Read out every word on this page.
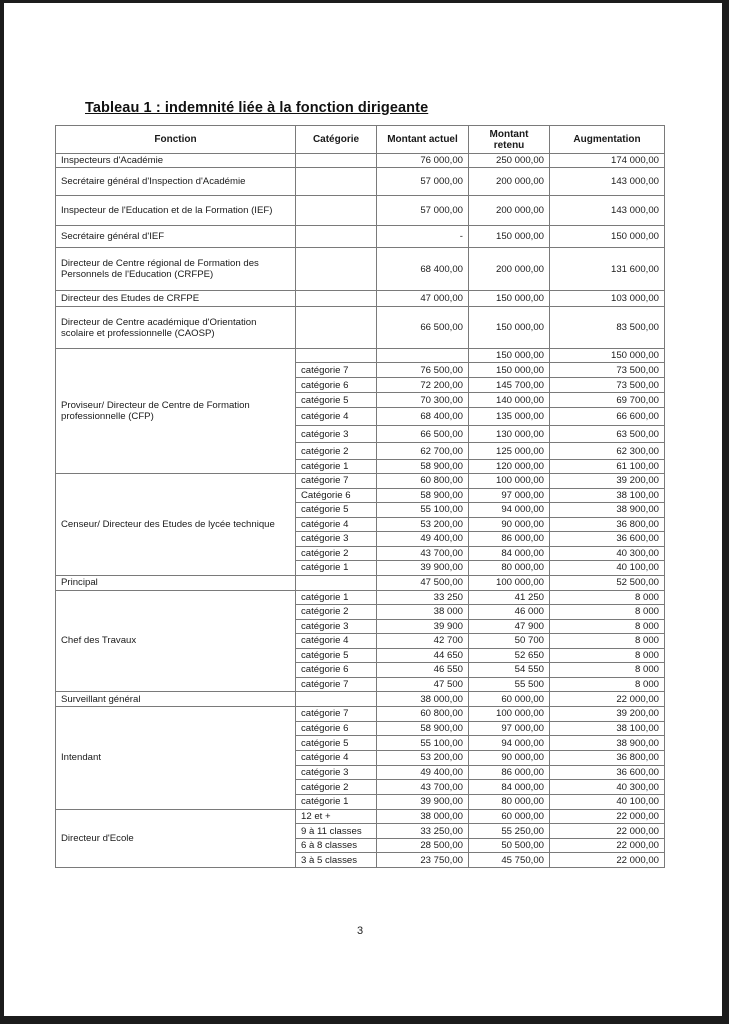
Tableau 1 : indemnité liée à la fonction dirigeante
Fonction	Catégorie	Montant actuel	Montant retenu	Augmentation
Inspecteurs d'Académie		76 000,00	250 000,00	174 000,00
Secrétaire général d'Inspection d'Académie		57 000,00	200 000,00	143 000,00
Inspecteur de l'Education et de la Formation (IEF)		57 000,00	200 000,00	143 000,00
Secrétaire général d'IEF		-	150 000,00	150 000,00
Directeur de Centre régional de Formation des Personnels de l'Education (CRFPE)		68 400,00	200 000,00	131 600,00
Directeur des Etudes de CRFPE		47 000,00	150 000,00	103 000,00
Directeur de Centre académique d'Orientation scolaire et professionnelle (CAOSP)		66 500,00	150 000,00	83 500,00
Proviseur/ Directeur de Centre de Formation professionnelle (CFP)			150 000,00	150 000,00
	catégorie 7	76 500,00	150 000,00	73 500,00
	catégorie 6	72 200,00	145 700,00	73 500,00
	catégorie 5	70 300,00	140 000,00	69 700,00
	catégorie 4	68 400,00	135 000,00	66 600,00
	catégorie 3	66 500,00	130 000,00	63 500,00
	catégorie 2	62 700,00	125 000,00	62 300,00
	catégorie 1	58 900,00	120 000,00	61 100,00
Censeur/ Directeur des Etudes de lycée technique	catégorie 7	60 800,00	100 000,00	39 200,00
	Catégorie 6	58 900,00	97 000,00	38 100,00
	catégorie 5	55 100,00	94 000,00	38 900,00
	catégorie 4	53 200,00	90 000,00	36 800,00
	catégorie 3	49 400,00	86 000,00	36 600,00
	catégorie 2	43 700,00	84 000,00	40 300,00
	catégorie 1	39 900,00	80 000,00	40 100,00
Principal		47 500,00	100 000,00	52 500,00
Chef des Travaux	catégorie 1	33 250	41 250	8 000
	catégorie 2	38 000	46 000	8 000
	catégorie 3	39 900	47 900	8 000
	catégorie 4	42 700	50 700	8 000
	catégorie 5	44 650	52 650	8 000
	catégorie 6	46 550	54 550	8 000
	catégorie 7	47 500	55 500	8 000
Surveillant général		38 000,00	60 000,00	22 000,00
Intendant	catégorie 7	60 800,00	100 000,00	39 200,00
	catégorie 6	58 900,00	97 000,00	38 100,00
	catégorie 5	55 100,00	94 000,00	38 900,00
	catégorie 4	53 200,00	90 000,00	36 800,00
	catégorie 3	49 400,00	86 000,00	36 600,00
	catégorie 2	43 700,00	84 000,00	40 300,00
	catégorie 1	39 900,00	80 000,00	40 100,00
Directeur d'Ecole	12 et +	38 000,00	60 000,00	22 000,00
	9 à 11 classes	33 250,00	55 250,00	22 000,00
	6 à 8 classes	28 500,00	50 500,00	22 000,00
	3 à 5 classes	23 750,00	45 750,00	22 000,00
3
